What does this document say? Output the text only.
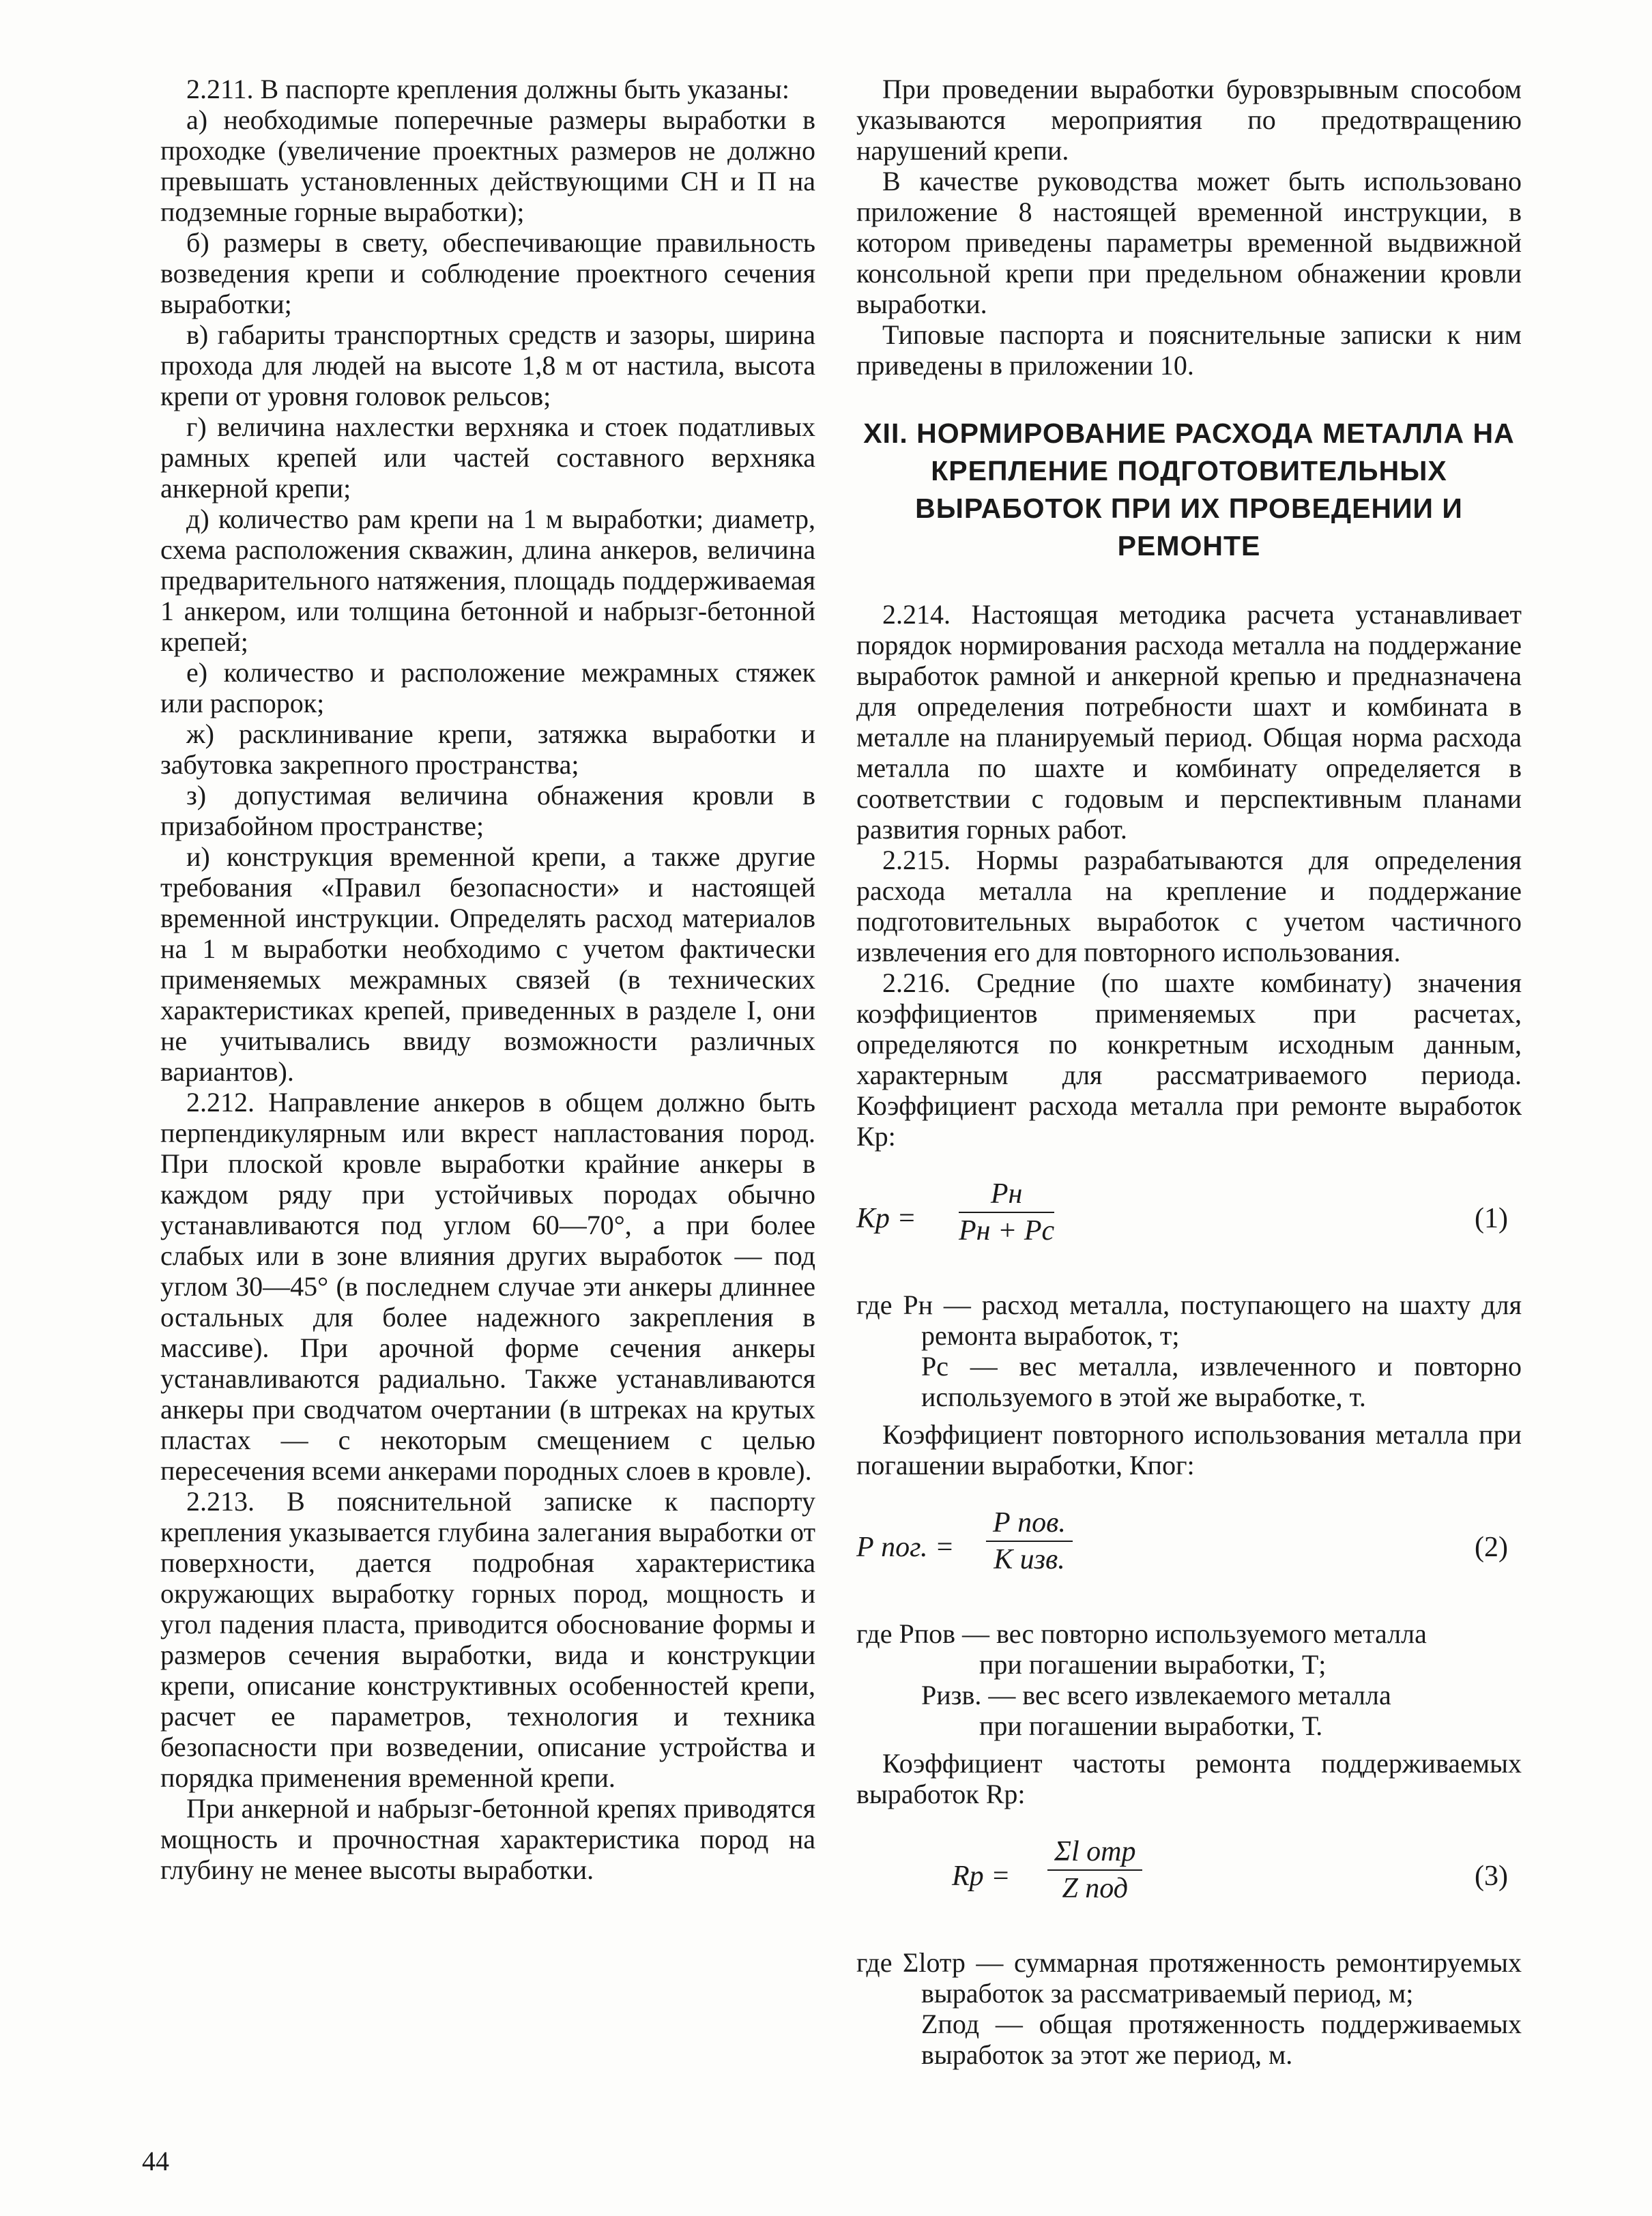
2.211. В паспорте крепления должны быть указаны:

а) необходимые поперечные размеры выработки в проходке (увеличение проектных размеров не должно превышать установленных действующими СН и П на подземные горные выработки);

б) размеры в свету, обеспечивающие правильность возведения крепи и соблюдение проектного сечения выработки;

в) габариты транспортных средств и зазоры, ширина прохода для людей на высоте 1,8 м от настила, высота крепи от уровня головок рельсов;

г) величина нахлестки верхняка и стоек податливых рамных крепей или частей составного верхняка анкерной крепи;

д) количество рам крепи на 1 м выработки; диаметр, схема расположения скважин, длина анкеров, величина предварительного натяжения, площадь поддерживаемая 1 анкером, или толщина бетонной и набрызг-бетонной крепей;

е) количество и расположение межрамных стяжек или распорок;

ж) расклинивание крепи, затяжка выработки и забутовка закрепного пространства;

з) допустимая величина обнажения кровли в призабойном пространстве;

и) конструкция временной крепи, а также другие требования «Правил безопасности» и настоящей временной инструкции. Определять расход материалов на 1 м выработки необходимо с учетом фактически применяемых межрамных связей (в технических характеристиках крепей, приведенных в разделе I, они не учитывались ввиду возможности различных вариантов).

2.212. Направление анкеров в общем должно быть перпендикулярным или вкрест напластования пород. При плоской кровле выработки крайние анкеры в каждом ряду при устойчивых породах обычно устанавливаются под углом 60—70°, а при более слабых или в зоне влияния других выработок — под углом 30—45° (в последнем случае эти анкеры длиннее остальных для более надежного закрепления в массиве). При арочной форме сечения анкеры устанавливаются радиально. Также устанавливаются анкеры при сводчатом очертании (в штреках на крутых пластах — с некоторым смещением с целью пересечения всеми анкерами породных слоев в кровле).

2.213. В пояснительной записке к паспорту крепления указывается глубина залегания выработки от поверхности, дается подробная характеристика окружающих выработку горных пород, мощность и угол падения пласта, приводится обоснование формы и размеров сечения выработки, вида и конструкции крепи, описание конструктивных особенностей крепи, расчет ее параметров, технология и техника безопасности при возведении, описание устройства и порядка применения временной крепи.

При анкерной и набрызг-бетонной крепях приводятся мощность и прочностная характеристика пород на глубину не менее высоты выработки.

При проведении выработки буровзрывным способом указываются мероприятия по предотвращению нарушений крепи.

В качестве руководства может быть использовано приложение 8 настоящей временной инструкции, в котором приведены параметры временной выдвижной консольной крепи при предельном обнажении кровли выработки.

Типовые паспорта и пояснительные записки к ним приведены в приложении 10.

XII. НОРМИРОВАНИЕ РАСХОДА МЕТАЛЛА НА КРЕПЛЕНИЕ ПОДГОТОВИТЕЛЬНЫХ ВЫРАБОТОК ПРИ ИХ ПРОВЕДЕНИИ И РЕМОНТЕ

2.214. Настоящая методика расчета устанавливает порядок нормирования расхода металла на поддержание выработок рамной и анкерной крепью и предназначена для определения потребности шахт и комбината в металле на планируемый период. Общая норма расхода металла по шахте и комбинату определяется в соответствии с годовым и перспективным планами развития горных работ.

2.215. Нормы разрабатываются для определения расхода металла на крепление и поддержание подготовительных выработок с учетом частичного извлечения его для повторного использования.

2.216. Средние (по шахте комбинату) значения коэффициентов применяемых при расчетах, определяются по конкретным исходным данным, характерным для рассматриваемого периода. Коэффициент расхода металла при ремонте выработок Кр:

Кр =
Рн
Рн + Рс	(1)

где Рн — расход металла, поступающего на шахту для ремонта выработок, т;

Рс — вес металла, извлеченного и повторно используемого в этой же выработке, т.

Коэффициент повторного использования металла при погашении выработки, Кпог:

Р пог. =
Р пов.
К изв.	(2)

где Рпов — вес повторно используемого металла

при погашении выработки, Т;

Ризв. — вес всего извлекаемого металла

при погашении выработки, Т.

Коэффициент частоты ремонта поддерживаемых выработок Rр:

Rр =
Σl отр
Z под	(3)

где Σlотр — суммарная протяженность ремонтируемых выработок за рассматриваемый период, м;

Zпод — общая протяженность поддерживаемых выработок за этот же период, м.

44
